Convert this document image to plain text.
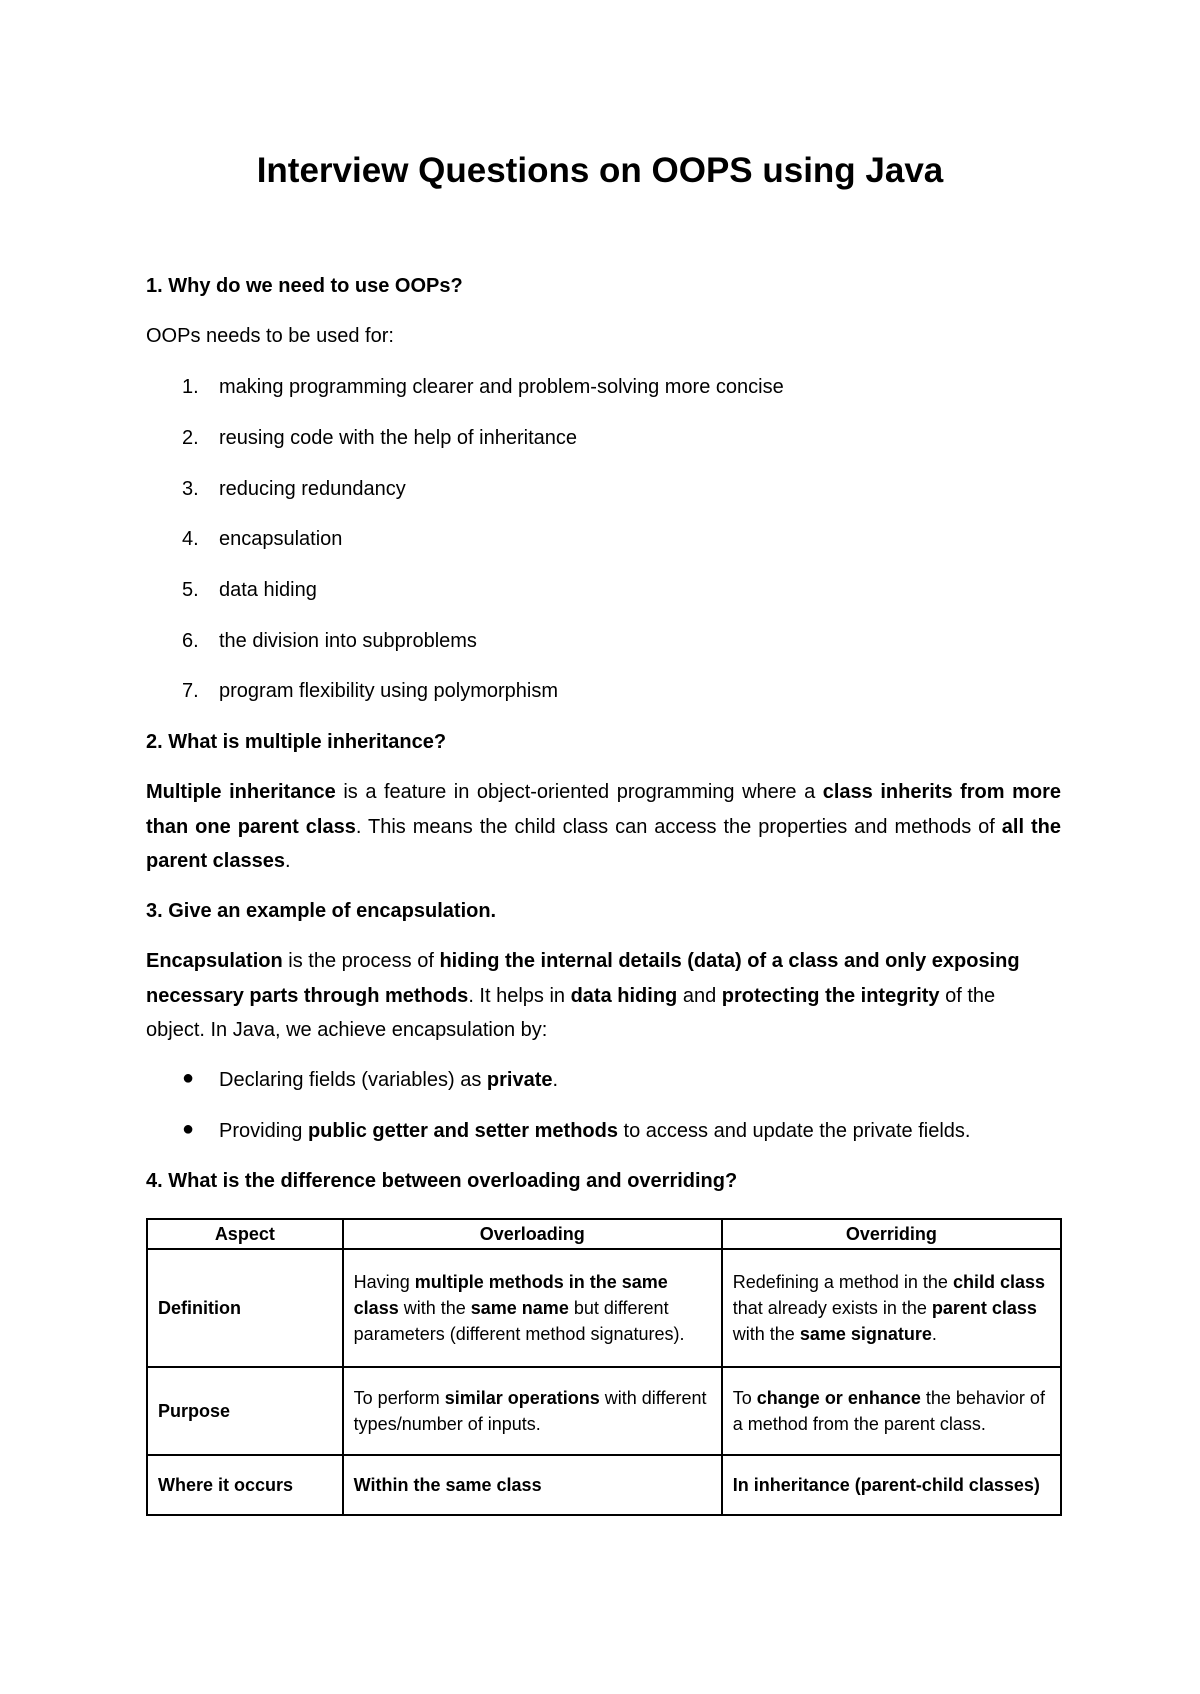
Interview Questions on OOPS using Java
1. Why do we need to use OOPs?
OOPs needs to be used for:
1. making programming clearer and problem-solving more concise
2. reusing code with the help of inheritance
3. reducing redundancy
4. encapsulation
5. data hiding
6. the division into subproblems
7. program flexibility using polymorphism
2. What is multiple inheritance?
Multiple inheritance is a feature in object-oriented programming where a class inherits from more than one parent class. This means the child class can access the properties and methods of all the parent classes.
3. Give an example of encapsulation.
Encapsulation is the process of hiding the internal details (data) of a class and only exposing necessary parts through methods. It helps in data hiding and protecting the integrity of the object. In Java, we achieve encapsulation by:
● Declaring fields (variables) as private.
● Providing public getter and setter methods to access and update the private fields.
4. What is the difference between overloading and overriding?
Aspect	Overloading	Overriding
Definition	Having multiple methods in the same class with the same name but different parameters (different method signatures).	Redefining a method in the child class that already exists in the parent class with the same signature.
Purpose	To perform similar operations with different types/number of inputs.	To change or enhance the behavior of a method from the parent class.
Where it occurs	Within the same class	In inheritance (parent-child classes)
